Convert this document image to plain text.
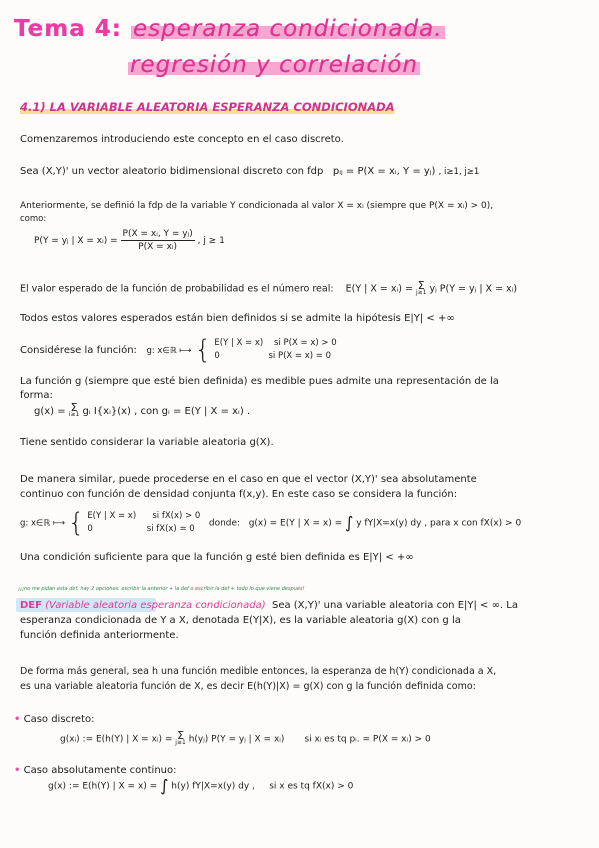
Tema 4: esperanza condicionada.
regresión y correlación
4.1) LA VARIABLE ALEATORIA ESPERANZA CONDICIONADA
Comenzaremos introduciendo este concepto en el caso discreto.
Sea (X,Y)' un vector aleatorio bidimensional discreto con fdp pᵢⱼ = P(X = xᵢ, Y = yⱼ) , i≥1, j≥1
Anteriormente, se definió la fdp de la variable Y condicionada al valor X = xᵢ (siempre que P(X = xᵢ) > 0),
como:
P(Y = yⱼ | X = xᵢ) = $\frac{\text{P(X = xᵢ, Y = yⱼ)}}{\text{P(X = xᵢ)}}$ , j ≥ 1
El valor esperado de la función de probabilidad es el número real: E(Y | X = xᵢ) = Σ
j≥1 yⱼ P(Y = yⱼ | X = xᵢ)
Todos estos valores esperados están bien definidos si se admite la hipótesis E|Y| < +∞
Considérese la función: g: x∈ℝ ⟼ { E(Y | X = x) si P(X = x) > 0
0	si P(X = x) = 0
La función g (siempre que esté bien definida) es medible pues admite una representación de la
forma:
g(x) = Σ
i≥1 gᵢ I{xᵢ}(x) , con gᵢ = E(Y | X = xᵢ) .
Tiene sentido considerar la variable aleatoria g(X).
De manera similar, puede procederse en el caso en que el vector (X,Y)' sea absolutamente
continuo con función de densidad conjunta f(x,y). En este caso se considera la función:
g: x∈ℝ ⟼ { E(Y | X = x) si fX(x) > 0
0	si fX(x) = 0   donde: g(x) = E(Y | X = x) = ∫ y fY|X=x(y) dy , para x con fX(x) > 0
Una condición suficiente para que la función g esté bien definida es E|Y| < +∞
¡¡¡no me pidan esta def, hay 2 opciones: escribir la anterior + la def o escribir la def + todo lo que viene después!
DEF (Variable aleatoria esperanza condicionada) Sea (X,Y)' una variable aleatoria con E|Y| < ∞. La
esperanza condicionada de Y a X, denotada E(Y|X), es la variable aleatoria g(X) con g la
función definida anteriormente.
De forma más general, sea h una función medible entonces, la esperanza de h(Y) condicionada a X,
es una variable aleatoria función de X, es decir E(h(Y)|X) = g(X) con g la función definida como:
• Caso discreto:
g(xᵢ) := E(h(Y) | X = xᵢ) = Σ
j≥1 h(yⱼ) P(Y = yⱼ | X = xᵢ) si xᵢ es tq pᵢ. = P(X = xᵢ) > 0
• Caso absolutamente continuo:
g(x) := E(h(Y) | X = x) = ∫ h(y) fY|X=x(y) dy , si x es tq fX(x) > 0
